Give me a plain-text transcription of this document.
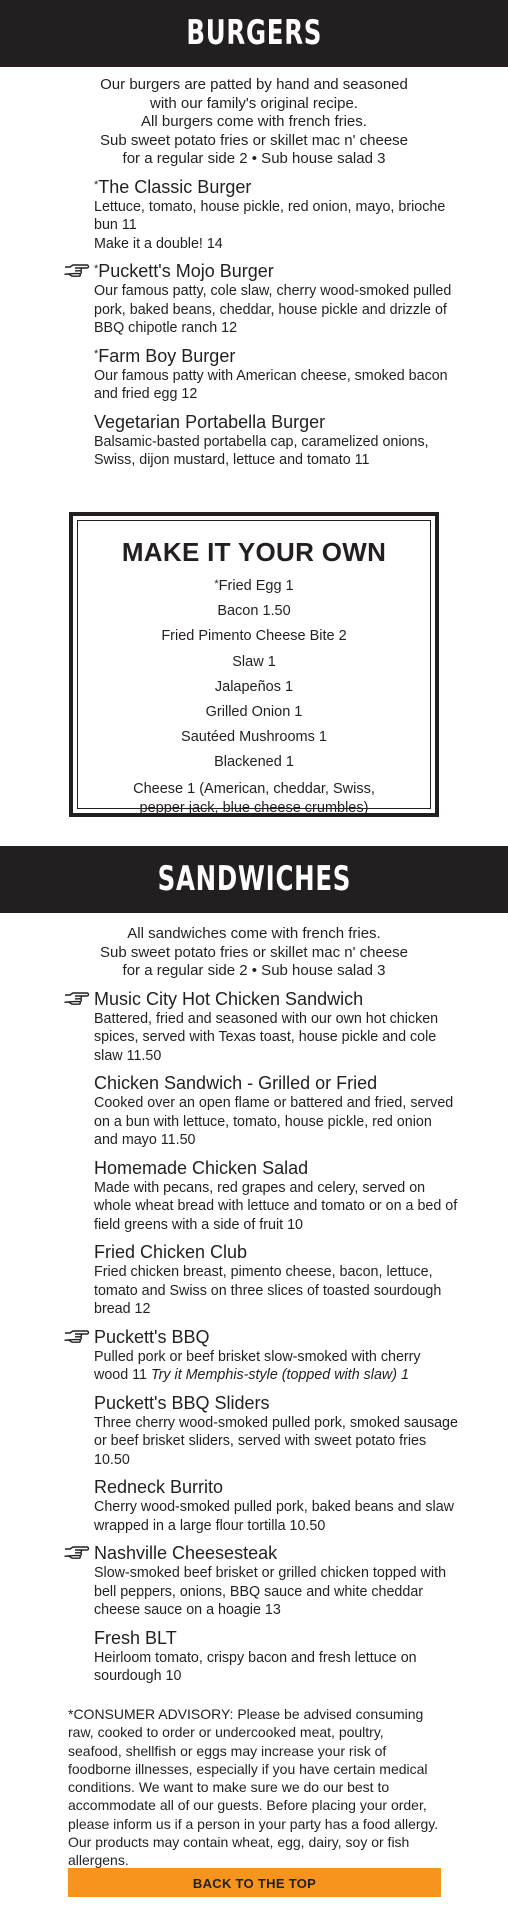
BURGERS
Our burgers are patted by hand and seasoned
with our family's original recipe.
All burgers come with french fries.
Sub sweet potato fries or skillet mac n' cheese
for a regular side 2 • Sub house salad 3
*The Classic Burger
Lettuce, tomato, house pickle, red onion, mayo, brioche bun 11
Make it a double! 14
*Puckett's Mojo Burger
Our famous patty, cole slaw, cherry wood-smoked pulled pork, baked beans, cheddar, house pickle and drizzle of BBQ chipotle ranch 12
*Farm Boy Burger
Our famous patty with American cheese, smoked bacon and fried egg 12
Vegetarian Portabella Burger
Balsamic-basted portabella cap, caramelized onions, Swiss, dijon mustard, lettuce and tomato 11
MAKE IT YOUR OWN
*Fried Egg 1
Bacon 1.50
Fried Pimento Cheese Bite 2
Slaw 1
Jalapeños 1
Grilled Onion 1
Sautéed Mushrooms 1
Blackened 1
Cheese 1 (American, cheddar, Swiss,
pepper jack, blue cheese crumbles)
SANDWICHES
All sandwiches come with french fries.
Sub sweet potato fries or skillet mac n' cheese
for a regular side 2 • Sub house salad 3
Music City Hot Chicken Sandwich
Battered, fried and seasoned with our own hot chicken spices, served with Texas toast, house pickle and cole slaw 11.50
Chicken Sandwich - Grilled or Fried
Cooked over an open flame or battered and fried, served on a bun with lettuce, tomato, house pickle, red onion and mayo 11.50
Homemade Chicken Salad
Made with pecans, red grapes and celery, served on whole wheat bread with lettuce and tomato or on a bed of field greens with a side of fruit 10
Fried Chicken Club
Fried chicken breast, pimento cheese, bacon, lettuce, tomato and Swiss on three slices of toasted sourdough bread 12
Puckett's BBQ
Pulled pork or beef brisket slow-smoked with cherry wood 11 Try it Memphis-style (topped with slaw) 1
Puckett's BBQ Sliders
Three cherry wood-smoked pulled pork, smoked sausage or beef brisket sliders, served with sweet potato fries 10.50
Redneck Burrito
Cherry wood-smoked pulled pork, baked beans and slaw wrapped in a large flour tortilla 10.50
Nashville Cheesesteak
Slow-smoked beef brisket or grilled chicken topped with bell peppers, onions, BBQ sauce and white cheddar cheese sauce on a hoagie 13
Fresh BLT
Heirloom tomato, crispy bacon and fresh lettuce on sourdough 10
*CONSUMER ADVISORY: Please be advised consuming raw, cooked to order or undercooked meat, poultry, seafood, shellfish or eggs may increase your risk of foodborne illnesses, especially if you have certain medical conditions. We want to make sure we do our best to accommodate all of our guests. Before placing your order, please inform us if a person in your party has a food allergy. Our products may contain wheat, egg, dairy, soy or fish allergens.
BACK TO THE TOP
